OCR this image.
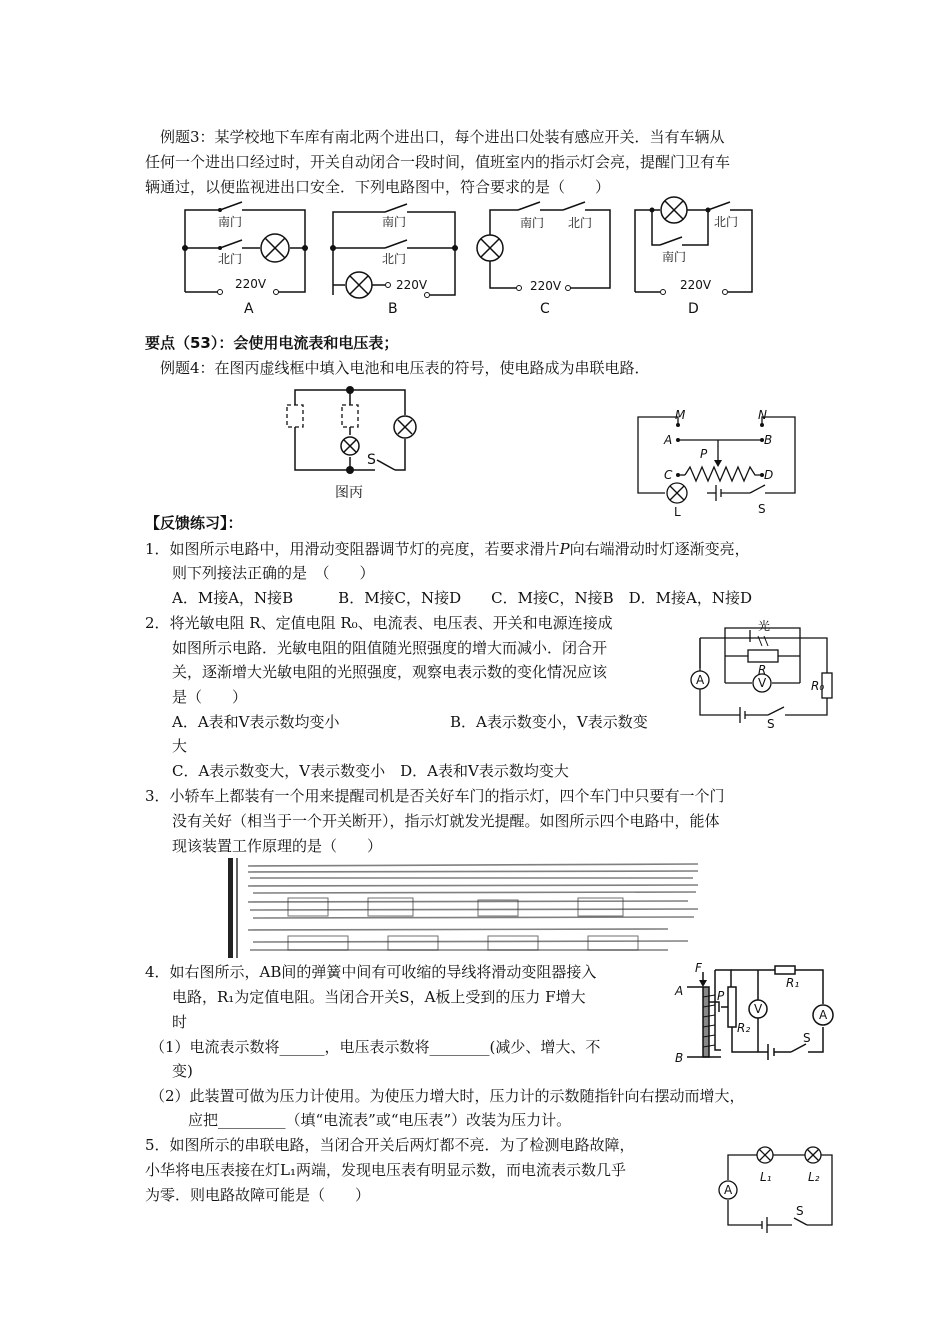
例题3：某学校地下车库有南北两个进出口，每个进出口处装有感应开关．当有车辆从
任何一个进出口经过时，开关自动闭合一段时间，值班室内的指示灯会亮，提醒门卫有车
辆通过，以便监视进出口安全．下列电路图中，符合要求的是（　　）
南门
北门
220V
A
南门
北门
220V
B
南门 北门
220V
C
北门
南门
220V
D
要点（53）：会使用电流表和电压表；
例题4：在图丙虚线框中填入电池和电压表的符号，使电路成为串联电路．
S
图丙
M	N
A	B
C	D
P
L	S
【反馈练习】：
1．如图所示电路中，用滑动变阻器调节灯的亮度，若要求滑片P向右端滑动时灯逐渐变亮，
则下列接法正确的是　（　　）
A．M接A，N接B　　　B．M接C，N接D　　C．M接C，N接B　D．M接A，N接D
2．将光敏电阻 R、定值电阻 R₀、电流表、电压表、开关和电源连接成
如图所示电路．光敏电阻的阻值随光照强度的增大而减小．闭合开
关，逐渐增大光敏电阻的光照强度，观察电表示数的变化情况应该
是（　　）
A．A表和V表示数均变小	B．A表示数变小，V表示数变
大
C．A表示数变大，V表示数变小　D．A表和V表示数均变大
光
R
R₀
A	V
S
3．小轿车上都装有一个用来提醒司机是否关好车门的指示灯，四个车门中只要有一个门
没有关好（相当于一个开关断开），指示灯就发光提醒。如图所示四个电路中，能体
现该装置工作原理的是（　　）
4．如右图所示，AB间的弹簧中间有可收缩的导线将滑动变阻器接入
电路，R₁为定值电阻。当闭合开关S，A板上受到的压力 F增大
时
（1）电流表示数将______，电压表示数将________(减少、增大、不
变)
（2）此装置可做为压力计使用。为使压力增大时，压力计的示数随指针向右摆动而增大，
应把_________（填“电流表”或“电压表”）改装为压力计。
F
A
B
P
R₁
R₂
V	A
S
5．如图所示的串联电路，当闭合开关后两灯都不亮．为了检测电路故障，
小华将电压表接在灯L₁两端，发现电压表有明显示数，而电流表示数几乎
为零．则电路故障可能是（　　）	A
L₁	L₂
S
